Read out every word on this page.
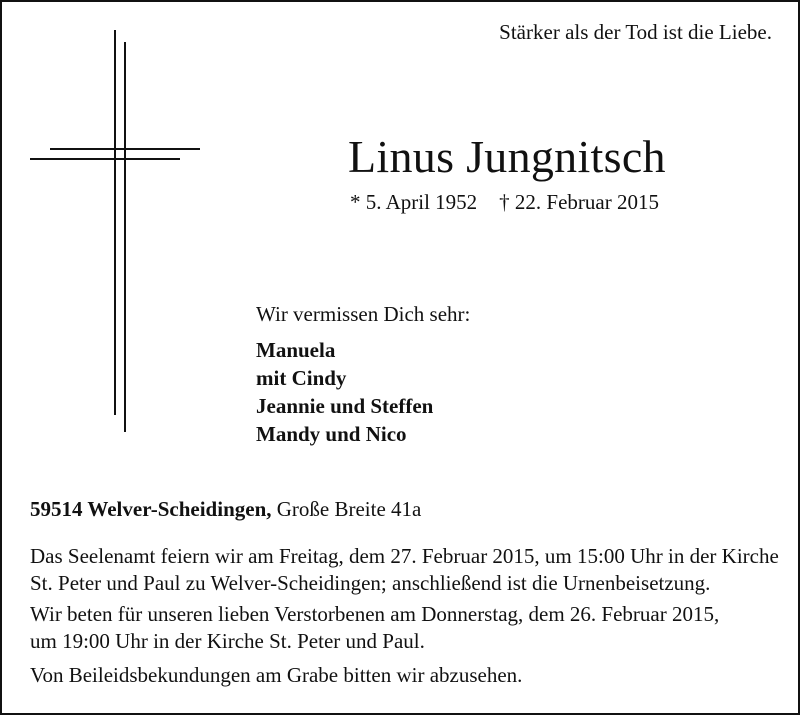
Stärker als der Tod ist die Liebe.
Linus Jungnitsch
* 5. April 1952 † 22. Februar 2015
Wir vermissen Dich sehr:
Manuela
mit Cindy
Jeannie und Steffen
Mandy und Nico
59514 Welver-Scheidingen, Große Breite 41a
Das Seelenamt feiern wir am Freitag, dem 27. Februar 2015, um 15:00 Uhr in der Kirche
St. Peter und Paul zu Welver-Scheidingen; anschließend ist die Urnenbeisetzung.
Wir beten für unseren lieben Verstorbenen am Donnerstag, dem 26. Februar 2015,
um 19:00 Uhr in der Kirche St. Peter und Paul.
Von Beileidsbekundungen am Grabe bitten wir abzusehen.
